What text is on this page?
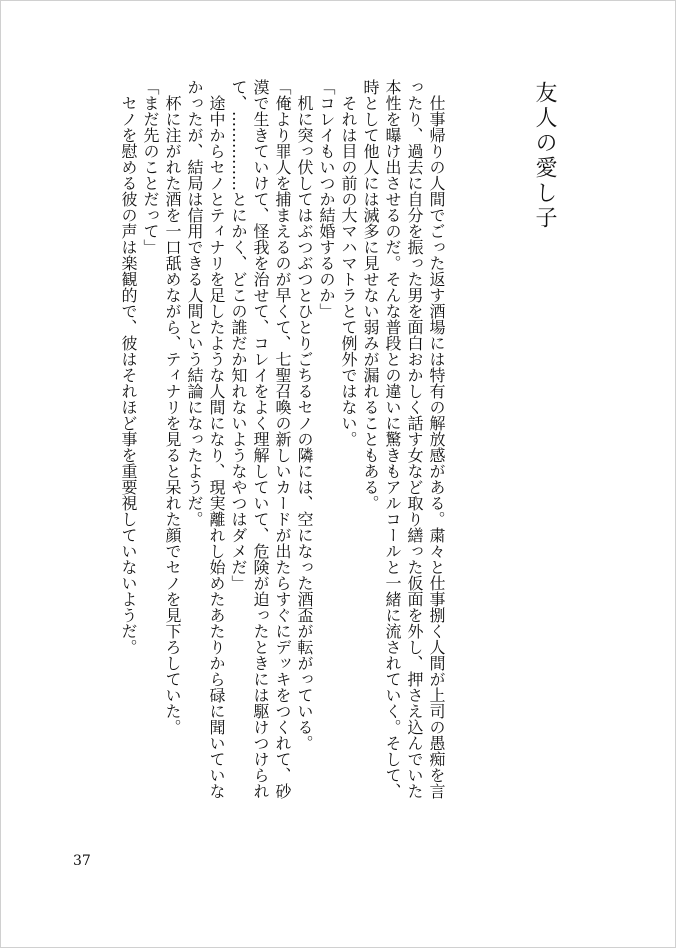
友人の愛し子
　仕事帰りの人間でごった返す酒場には特有の解放感がある。粛々と仕事捌く人間が上司の愚痴を言
ったり、過去に自分を振った男を面白おかしく話す女など取り繕った仮面を外し、押さえ込んでいた
本性を曝け出させるのだ。そんな普段との違いに驚きもアルコールと一緒に流されていく。そして、
時として他人には滅多に見せない弱みが漏れることもある。
　それは目の前の大マハマトラとて例外ではない。
「コレイもいつか結婚するのか」
　机に突っ伏してはぶつぶつとひとりごちるセノの隣には、空になった酒盃が転がっている。
「俺より罪人を捕まえるのが早くて、七聖召喚の新しいカードが出たらすぐにデッキをつくれて、砂
漠で生きていけて、怪我を治せて、コレイをよく理解していて、危険が迫ったときには駆けつけられ
て、……………とにかく、どこの誰だか知れないようなやつはダメだ」
　途中からセノとティナリを足したような人間になり、現実離れし始めたあたりから碌に聞いていな
かったが、結局は信用できる人間という結論になったようだ。
　杯に注がれた酒を一口舐めながら、ティナリを見ると呆れた顔でセノを見下ろしていた。
「まだ先のことだって」
　セノを慰める彼の声は楽観的で、彼はそれほど事を重要視していないようだ。
37
